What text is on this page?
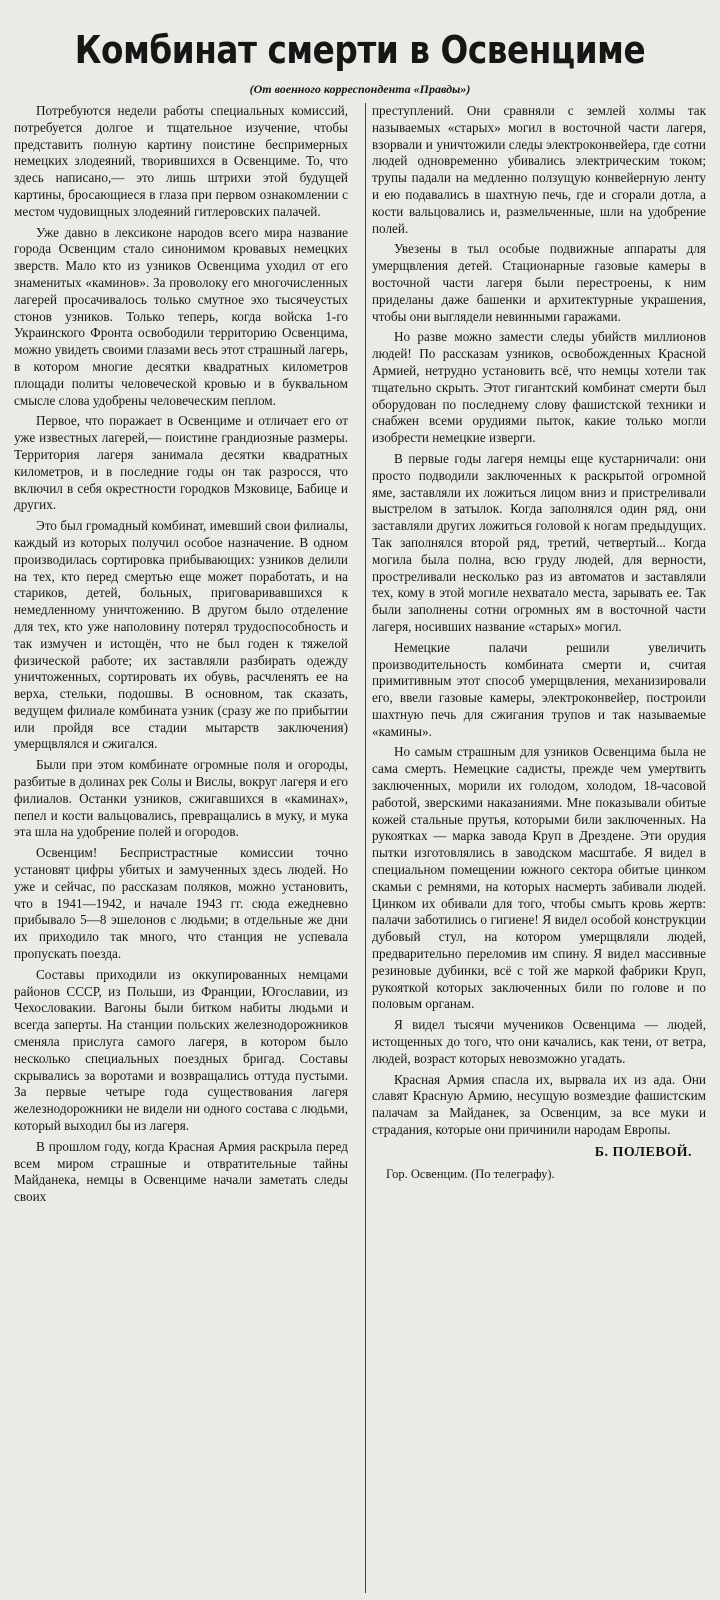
Комбинат смерти в Освенциме
(От военного корреспондента «Правды»)

Потребуются недели работы специальных комиссий, потребуется долгое и тщательное изучение, чтобы представить полную картину поистине беспримерных немецких злодеяний, творившихся в Освенциме. То, что здесь написано,— это лишь штрихи этой будущей картины, бросающиеся в глаза при первом ознакомлении с местом чудовищных злодеяний гитлеровских палачей.

Уже давно в лексиконе народов всего мира название города Освенцим стало синонимом кровавых немецких зверств. Мало кто из узников Освенцима уходил от его знаменитых «каминов». За проволоку его многочисленных лагерей просачивалось только смутное эхо тысячеустых стонов узников. Только теперь, когда войска 1-го Украинского Фронта освободили территорию Освенцима, можно увидеть своими глазами весь этот страшный лагерь, в котором многие десятки квадратных километров площади политы человеческой кровью и в буквальном смысле слова удобрены человеческим пеплом.

Первое, что поражает в Освенциме и отличает его от уже известных лагерей,— поистине грандиозные размеры. Территория лагеря занимала десятки квадратных километров, и в последние годы он так разросся, что включил в себя окрестности городков Мзковице, Бабице и других.

Это был громадный комбинат, имевший свои филиалы, каждый из которых получил особое назначение. В одном производилась сортировка прибывающих: узников делили на тех, кто перед смертью еще может поработать, и на стариков, детей, больных, приговаривавшихся к немедленному уничтожению. В другом было отделение для тех, кто уже наполовину потерял трудоспособность и так измучен и истощён, что не был годен к тяжелой физической работе; их заставляли разбирать одежду уничтоженных, сортировать их обувь, расчленять ее на верха, стельки, подошвы. В основном, так сказать, ведущем филиале комбината узник (сразу же по прибытии или пройдя все стадии мытарств заключения) умерщвлялся и сжигался.

Были при этом комбинате огромные поля и огороды, разбитые в долинах рек Солы и Вислы, вокруг лагеря и его филиалов. Останки узников, сжигавшихся в «каминах», пепел и кости вальцовались, превращались в муку, и мука эта шла на удобрение полей и огородов.

Освенцим! Беспристрастные комиссии точно установят цифры убитых и замученных здесь людей. Но уже и сейчас, по рассказам поляков, можно установить, что в 1941—1942, и начале 1943 гг. сюда ежедневно прибывало 5—8 эшелонов с людьми; в отдельные же дни их приходило так много, что станция не успевала пропускать поезда.

Составы приходили из оккупированных немцами районов СССР, из Польши, из Франции, Югославии, из Чехословакии. Вагоны были битком набиты людьми и всегда заперты. На станции польских железнодорожников сменяла прислуга самого лагеря, в котором было несколько специальных поездных бригад. Составы скрывались за воротами и возвращались оттуда пустыми. За первые четыре года существования лагеря железнодорожники не видели ни одного состава с людьми, который выходил бы из лагеря.

В прошлом году, когда Красная Армия раскрыла перед всем миром страшные и отвратительные тайны Майданека, немцы в Освенциме начали заметать следы своих

преступлений. Они сравняли с землей холмы так называемых «старых» могил в восточной части лагеря, взорвали и уничтожили следы электроконвейера, где сотни людей одновременно убивались электрическим током; трупы падали на медленно ползущую конвейерную ленту и ею подавались в шахтную печь, где и сгорали дотла, а кости вальцовались и, размельченные, шли на удобрение полей.

Увезены в тыл особые подвижные аппараты для умерщвления детей. Стационарные газовые камеры в восточной части лагеря были перестроены, к ним приделаны даже башенки и архитектурные украшения, чтобы они выглядели невинными гаражами.

Но разве можно замести следы убийств миллионов людей! По рассказам узников, освобожденных Красной Армией, нетрудно установить всё, что немцы хотели так тщательно скрыть. Этот гигантский комбинат смерти был оборудован по последнему слову фашистской техники и снабжен всеми орудиями пыток, какие только могли изобрести немецкие изверги.

В первые годы лагеря немцы еще кустарничали: они просто подводили заключенных к раскрытой огромной яме, заставляли их ложиться лицом вниз и пристреливали выстрелом в затылок. Когда заполнялся один ряд, они заставляли других ложиться головой к ногам предыдущих. Так заполнялся второй ряд, третий, четвертый... Когда могила была полна, всю груду людей, для верности, простреливали несколько раз из автоматов и заставляли тех, кому в этой могиле нехватало места, зарывать ее. Так были заполнены сотни огромных ям в восточной части лагеря, носивших название «старых» могил.

Немецкие палачи решили увеличить производительность комбината смерти и, считая примитивным этот способ умерщвления, механизировали его, ввели газовые камеры, электроконвейер, построили шахтную печь для сжигания трупов и так называемые «камины».

Но самым страшным для узников Освенцима была не сама смерть. Немецкие садисты, прежде чем умертвить заключенных, морили их голодом, холодом, 18-часовой работой, зверскими наказаниями. Мне показывали обитые кожей стальные прутья, которыми били заключенных. На рукоятках — марка завода Круп в Дрездене. Эти орудия пытки изготовлялись в заводском масштабе. Я видел в специальном помещении южного сектора обитые цинком скамьи с ремнями, на которых насмерть забивали людей. Цинком их обивали для того, чтобы смыть кровь жертв: палачи заботились о гигиене! Я видел особой конструкции дубовый стул, на котором умерщвляли людей, предварительно переломив им спину. Я видел массивные резиновые дубинки, всё с той же маркой фабрики Круп, рукояткой которых заключенных били по голове и по половым органам.

Я видел тысячи мучеников Освенцима — людей, истощенных до того, что они качались, как тени, от ветра, людей, возраст которых невозможно угадать.

Красная Армия спасла их, вырвала их из ада. Они славят Красную Армию, несущую возмездие фашистским палачам за Майданек, за Освенцим, за все муки и страдания, которые они причинили народам Европы.

Б. ПОЛЕВОЙ.
Гор. Освенцим. (По телеграфу).
